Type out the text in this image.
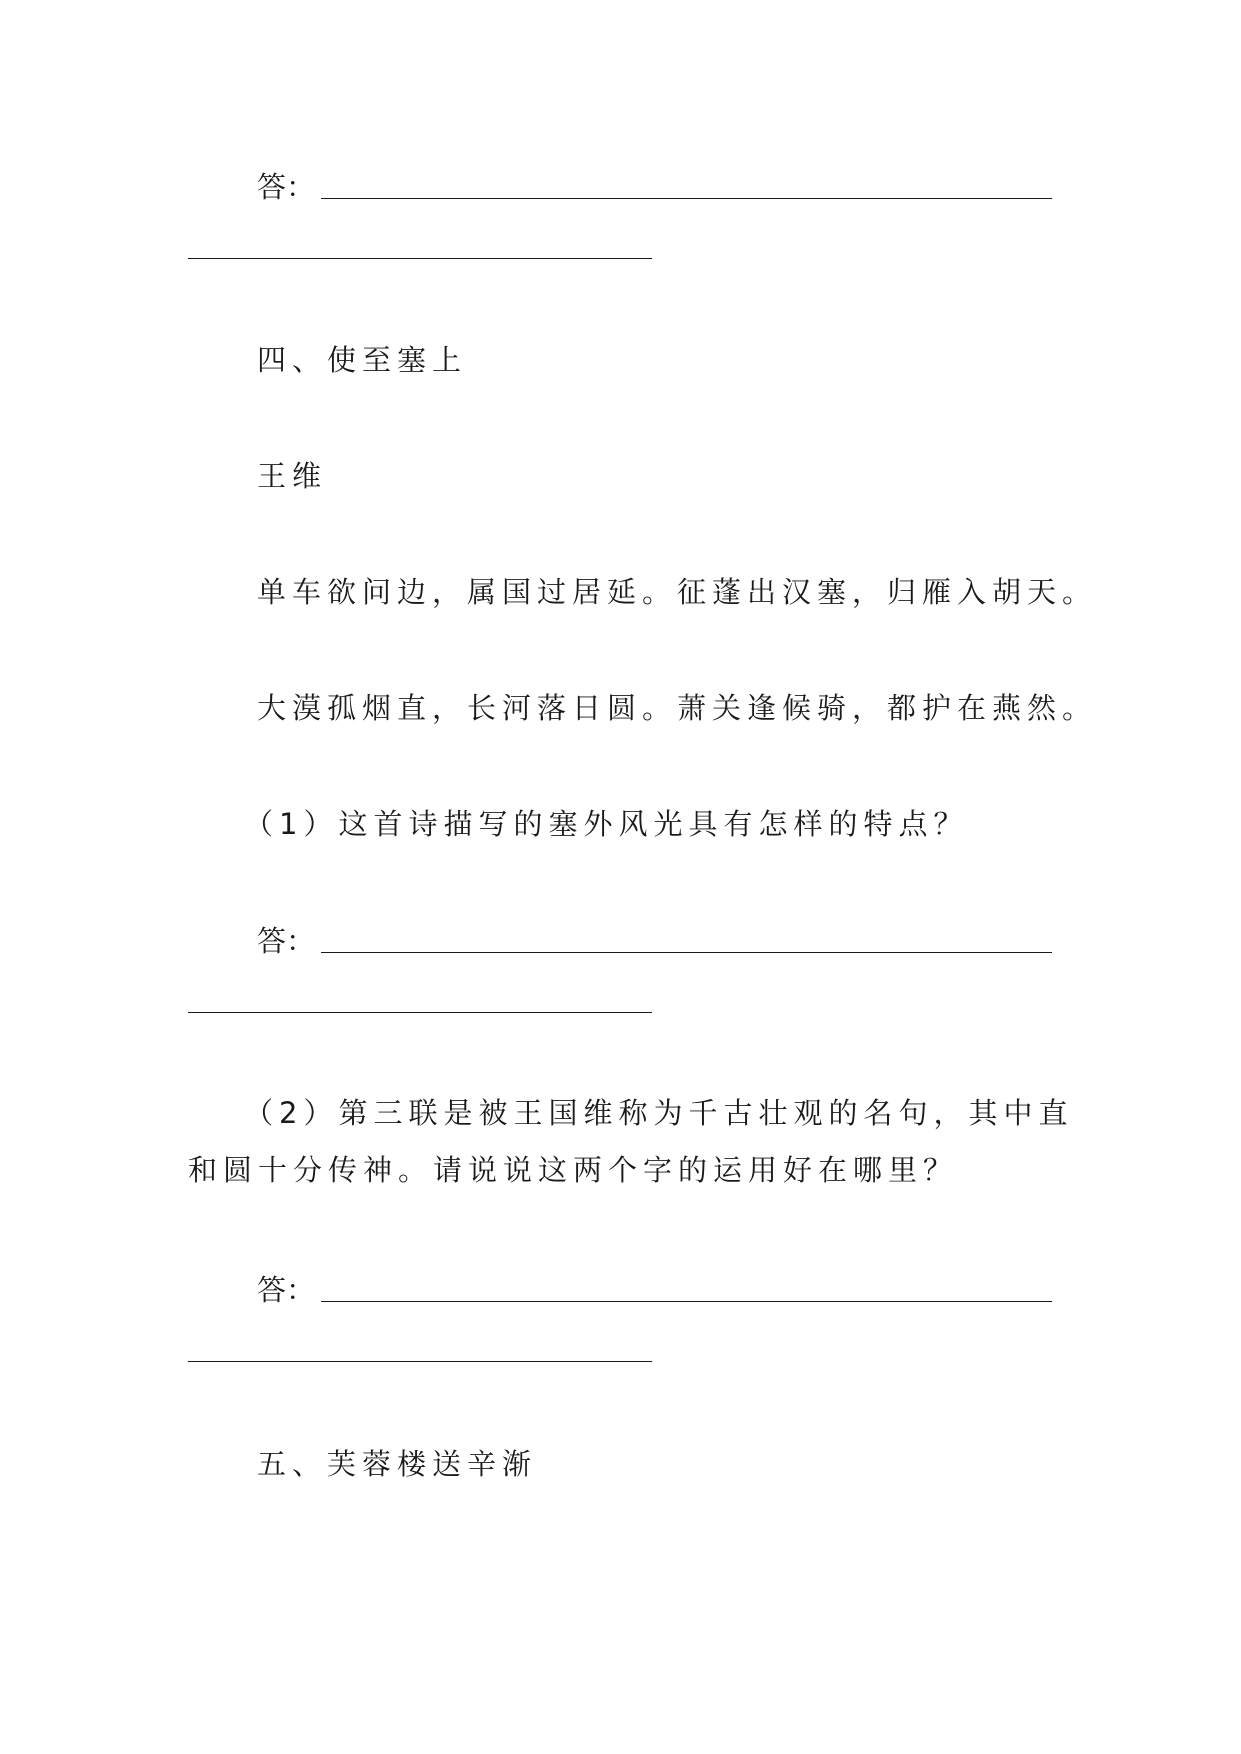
答：
四、使至塞上
王维
单车欲问边，属国过居延。征蓬出汉塞，归雁入胡天。
大漠孤烟直，长河落日圆。萧关逢候骑，都护在燕然。
（1）这首诗描写的塞外风光具有怎样的特点？
答：
（2）第三联是被王国维称为千古壮观的名句，其中直
和圆十分传神。请说说这两个字的运用好在哪里？
答：
五、芙蓉楼送辛渐
